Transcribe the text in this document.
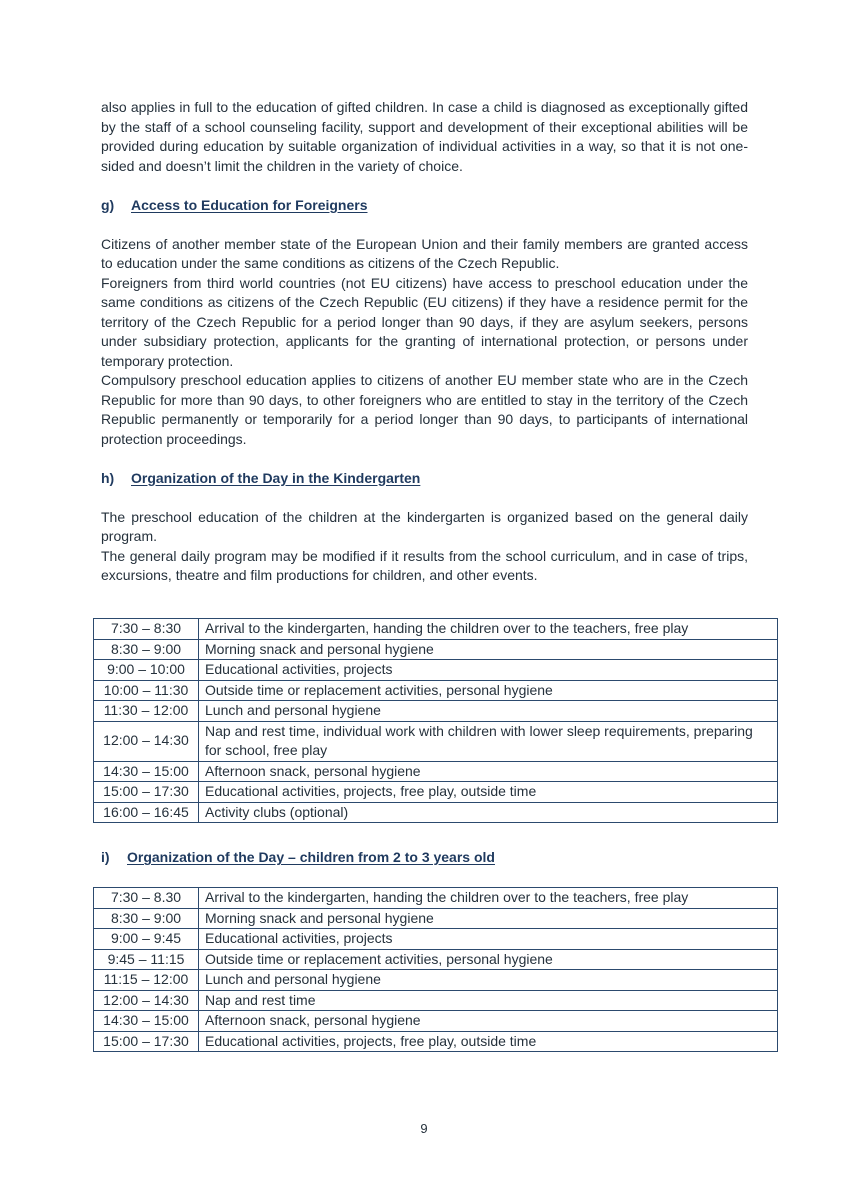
also applies in full to the education of gifted children. In case a child is diagnosed as exceptionally gifted by the staff of a school counseling facility, support and development of their exceptional abilities will be provided during education by suitable organization of individual activities in a way, so that it is not one-sided and doesn’t limit the children in the variety of choice.

g) Access to Education for Foreigners

Citizens of another member state of the European Union and their family members are granted access to education under the same conditions as citizens of the Czech Republic.

Foreigners from third world countries (not EU citizens) have access to preschool education under the same conditions as citizens of the Czech Republic (EU citizens) if they have a residence permit for the territory of the Czech Republic for a period longer than 90 days, if they are asylum seekers, persons under subsidiary protection, applicants for the granting of international protection, or persons under temporary protection.

Compulsory preschool education applies to citizens of another EU member state who are in the Czech Republic for more than 90 days, to other foreigners who are entitled to stay in the territory of the Czech Republic permanently or temporarily for a period longer than 90 days, to participants of international protection proceedings.

h) Organization of the Day in the Kindergarten

The preschool education of the children at the kindergarten is organized based on the general daily program.

The general daily program may be modified if it results from the school curriculum, and in case of trips, excursions, theatre and film productions for children, and other events.

7:30 – 8:30	Arrival to the kindergarten, handing the children over to the teachers, free play
8:30 – 9:00	Morning snack and personal hygiene
9:00 – 10:00	Educational activities, projects
10:00 – 11:30	Outside time or replacement activities, personal hygiene
11:30 – 12:00	Lunch and personal hygiene
12:00 – 14:30	Nap and rest time, individual work with children with lower sleep requirements, preparing for school, free play
14:30 – 15:00	Afternoon snack, personal hygiene
15:00 – 17:30	Educational activities, projects, free play, outside time
16:00 – 16:45	Activity clubs (optional)

i) Organization of the Day – children from 2 to 3 years old

7:30 – 8.30	Arrival to the kindergarten, handing the children over to the teachers, free play
8:30 – 9:00	Morning snack and personal hygiene
9:00 – 9:45	Educational activities, projects
9:45 – 11:15	Outside time or replacement activities, personal hygiene
11:15 – 12:00	Lunch and personal hygiene
12:00 – 14:30	Nap and rest time
14:30 – 15:00	Afternoon snack, personal hygiene
15:00 – 17:30	Educational activities, projects, free play, outside time
9
